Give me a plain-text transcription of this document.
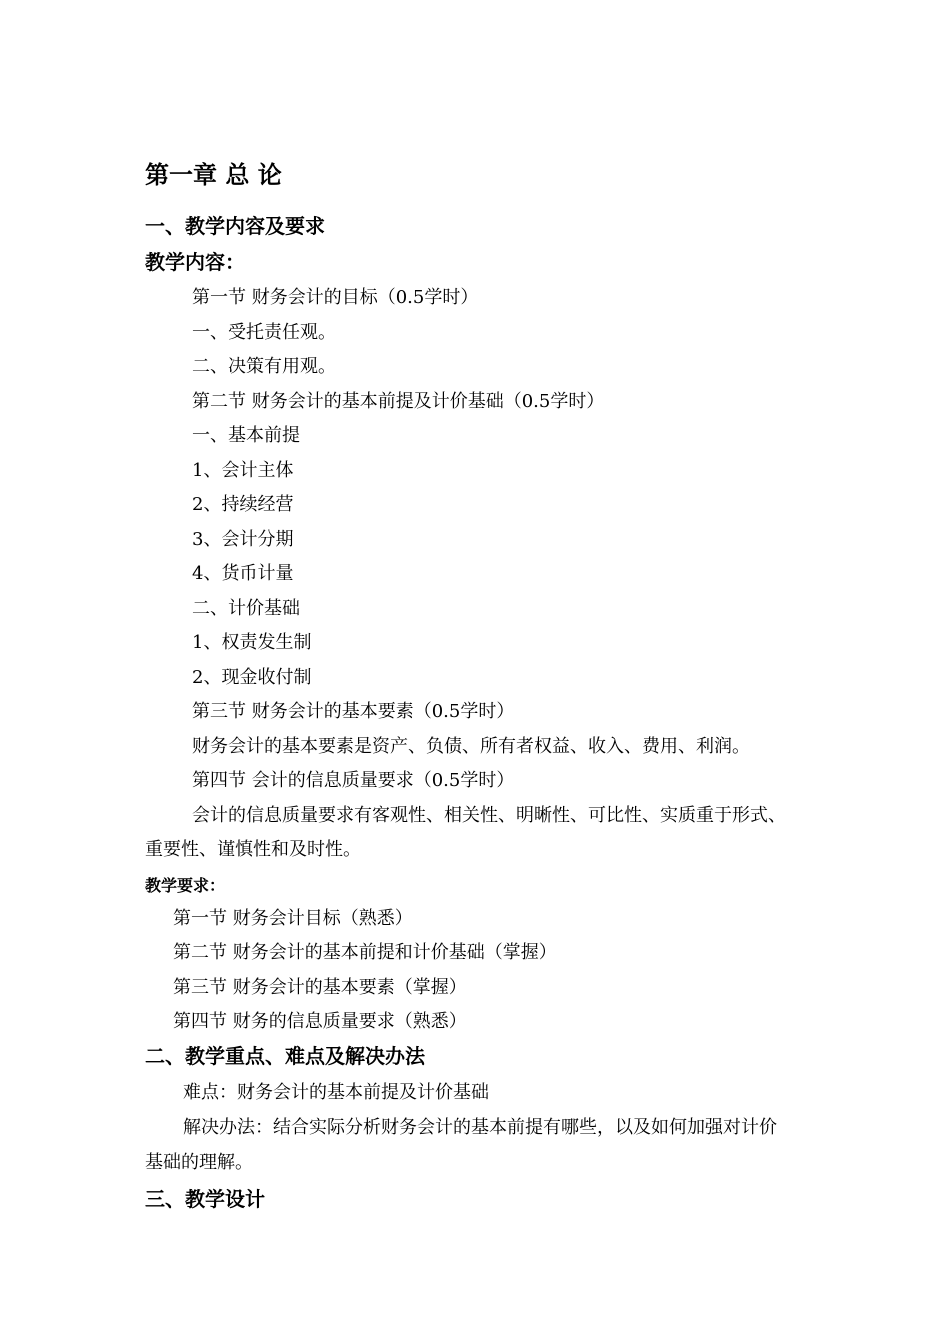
第一章 总 论
一、教学内容及要求
教学内容：
第一节 财务会计的目标（0.5学时）
一、受托责任观。
二、决策有用观。
第二节 财务会计的基本前提及计价基础（0.5学时）
一、基本前提
1、会计主体
2、持续经营
3、会计分期
4、货币计量
二、计价基础
1、权责发生制
2、现金收付制
第三节 财务会计的基本要素（0.5学时）
财务会计的基本要素是资产、负债、所有者权益、收入、费用、利润。
第四节 会计的信息质量要求（0.5学时）
会计的信息质量要求有客观性、相关性、明晰性、可比性、实质重于形式、
重要性、谨慎性和及时性。
教学要求：
第一节 财务会计目标（熟悉）
第二节 财务会计的基本前提和计价基础（掌握）
第三节 财务会计的基本要素（掌握）
第四节 财务的信息质量要求（熟悉）
二、教学重点、难点及解决办法
难点：财务会计的基本前提及计价基础
解决办法：结合实际分析财务会计的基本前提有哪些，以及如何加强对计价
基础的理解。
三、教学设计
